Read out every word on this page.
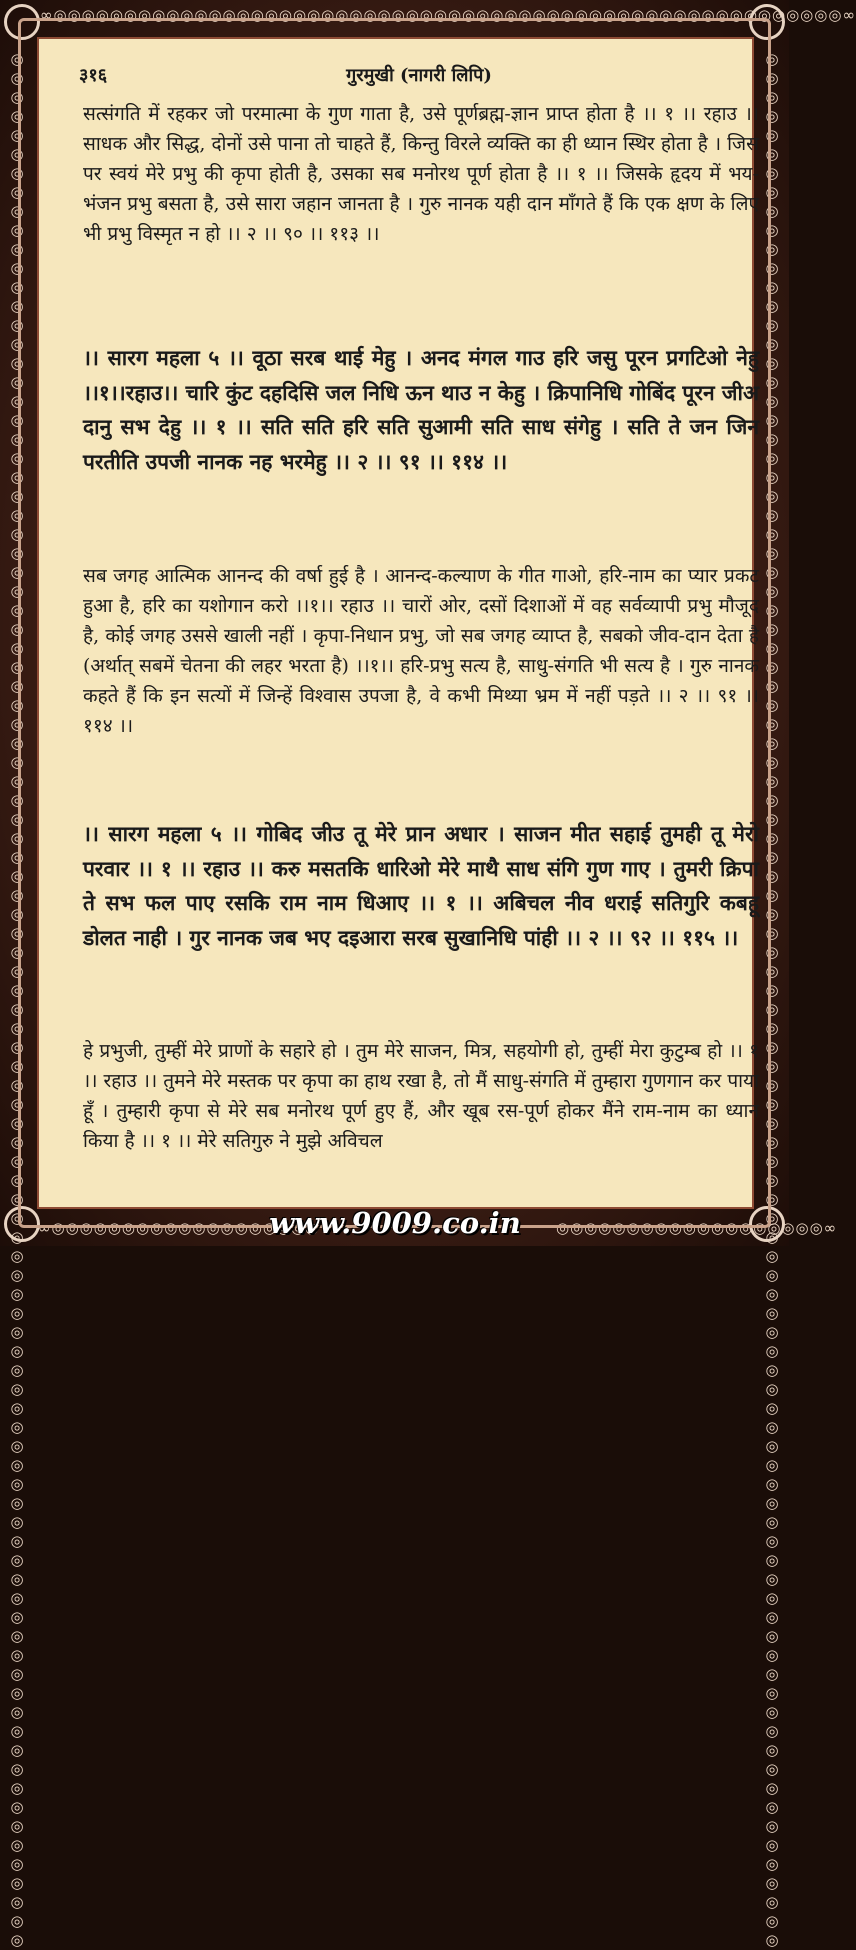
∞◎◎◎◎◎◎◎◎◎◎◎◎◎◎◎◎◎◎◎◎◎◎◎◎◎◎◎◎◎◎◎◎◎◎◎◎◎◎◎◎◎◎◎◎◎◎◎◎◎◎◎◎◎◎◎◎∞
◎◎◎◎◎◎◎◎◎◎◎◎◎◎◎◎◎◎◎◎◎◎◎◎◎◎◎◎◎◎◎◎◎◎◎◎◎◎◎◎◎◎◎◎◎◎◎◎◎◎◎◎◎◎◎◎◎◎◎◎◎◎◎◎◎◎◎◎◎◎◎◎◎◎◎◎◎◎◎◎◎◎◎◎◎◎◎◎◎◎◎◎◎◎◎◎◎◎◎◎	◎◎◎◎◎◎◎◎◎◎◎◎◎◎◎◎◎◎◎◎◎◎◎◎◎◎◎◎◎◎◎◎◎◎◎◎◎◎◎◎◎◎◎◎◎◎◎◎◎◎◎◎◎◎◎◎◎◎◎◎◎◎◎◎◎◎◎◎◎◎◎◎◎◎◎◎◎◎◎◎◎◎◎◎◎◎◎◎◎◎◎◎◎◎◎◎◎◎◎◎
∞◎◎◎◎◎◎◎◎◎◎◎◎◎◎◎◎◎◎◎	◎◎◎◎◎◎◎◎◎◎◎◎◎◎◎◎◎◎◎∞
३१६	गुरमुखी (नागरी लिपि)
सत्संगति में रहकर जो परमात्मा के गुण गाता है, उसे पूर्णब्रह्म-ज्ञान प्राप्त होता है ।। १ ।। रहाउ ।। साधक और सिद्ध, दोनों उसे पाना तो चाहते हैं, किन्तु विरले व्यक्ति का ही ध्यान स्थिर होता है । जिस पर स्वयं मेरे प्रभु की कृपा होती है, उसका सब मनोरथ पूर्ण होता है ।। १ ।। जिसके हृदय में भय-भंजन प्रभु बसता है, उसे सारा जहान जानता है । गुरु नानक यही दान माँगते हैं कि एक क्षण के लिए भी प्रभु विस्मृत न हो ।। २ ।। ९० ।। ११३ ।।
।। सारग महला ५ ।। वूठा सरब थाई मेहु । अनद मंगल गाउ हरि जसु पूरन प्रगटिओ नेहु ।।१।।रहाउ।। चारि कुंट दहदिसि जल निधि ऊन थाउ न केहु । क्रिपानिधि गोबिंद पूरन जीअ दानु सभ देहु ।। १ ।। सति सति हरि सति सुआमी सति साध संगेहु । सति ते जन जिन परतीति उपजी नानक नह भरमेहु ।। २ ।। ९१ ।। ११४ ।।
सब जगह आत्मिक आनन्द की वर्षा हुई है । आनन्द-कल्याण के गीत गाओ, हरि-नाम का प्यार प्रकट हुआ है, हरि का यशोगान करो ।।१।। रहाउ ।। चारों ओर, दसों दिशाओं में वह सर्वव्यापी प्रभु मौजूद है, कोई जगह उससे खाली नहीं । कृपा-निधान प्रभु, जो सब जगह व्याप्त है, सबको जीव-दान देता है (अर्थात् सबमें चेतना की लहर भरता है) ।।१।। हरि-प्रभु सत्य है, साधु-संगति भी सत्य है । गुरु नानक कहते हैं कि इन सत्यों में जिन्हें विश्वास उपजा है, वे कभी मिथ्या भ्रम में नहीं पड़ते ।। २ ।। ९१ ।। ११४ ।।
।। सारग महला ५ ।। गोबिद जीउ तू मेरे प्रान अधार । साजन मीत सहाई तुमही तू मेरो परवार ।। १ ।। रहाउ ।। करु मसतकि धारिओ मेरे माथै साध संगि गुण गाए । तुमरी क्रिपा ते सभ फल पाए रसकि राम नाम धिआए ।। १ ।। अबिचल नीव धराई सतिगुरि कबहू डोलत नाही । गुर नानक जब भए दइआरा सरब सुखानिधि पांही ।। २ ।। ९२ ।। ११५ ।।
हे प्रभुजी, तुम्हीं मेरे प्राणों के सहारे हो । तुम मेरे साजन, मित्र, सहयोगी हो, तुम्हीं मेरा कुटुम्ब हो ।। १ ।। रहाउ ।। तुमने मेरे मस्तक पर कृपा का हाथ रखा है, तो मैं साधु-संगति में तुम्हारा गुणगान कर पाया हूँ । तुम्हारी कृपा से मेरे सब मनोरथ पूर्ण हुए हैं, और खूब रस-पूर्ण होकर मैंने राम-नाम का ध्यान किया है ।। १ ।। मेरे सतिगुरु ने मुझे अविचल
www.9009.co.in
